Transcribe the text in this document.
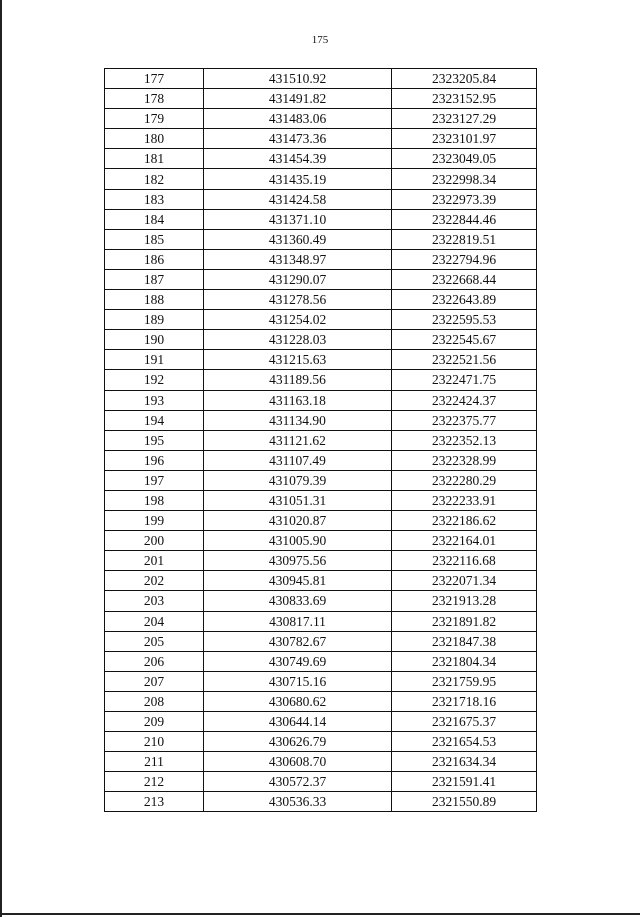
175
177	431510.92	2323205.84
178	431491.82	2323152.95
179	431483.06	2323127.29
180	431473.36	2323101.97
181	431454.39	2323049.05
182	431435.19	2322998.34
183	431424.58	2322973.39
184	431371.10	2322844.46
185	431360.49	2322819.51
186	431348.97	2322794.96
187	431290.07	2322668.44
188	431278.56	2322643.89
189	431254.02	2322595.53
190	431228.03	2322545.67
191	431215.63	2322521.56
192	431189.56	2322471.75
193	431163.18	2322424.37
194	431134.90	2322375.77
195	431121.62	2322352.13
196	431107.49	2322328.99
197	431079.39	2322280.29
198	431051.31	2322233.91
199	431020.87	2322186.62
200	431005.90	2322164.01
201	430975.56	2322116.68
202	430945.81	2322071.34
203	430833.69	2321913.28
204	430817.11	2321891.82
205	430782.67	2321847.38
206	430749.69	2321804.34
207	430715.16	2321759.95
208	430680.62	2321718.16
209	430644.14	2321675.37
210	430626.79	2321654.53
211	430608.70	2321634.34
212	430572.37	2321591.41
213	430536.33	2321550.89
